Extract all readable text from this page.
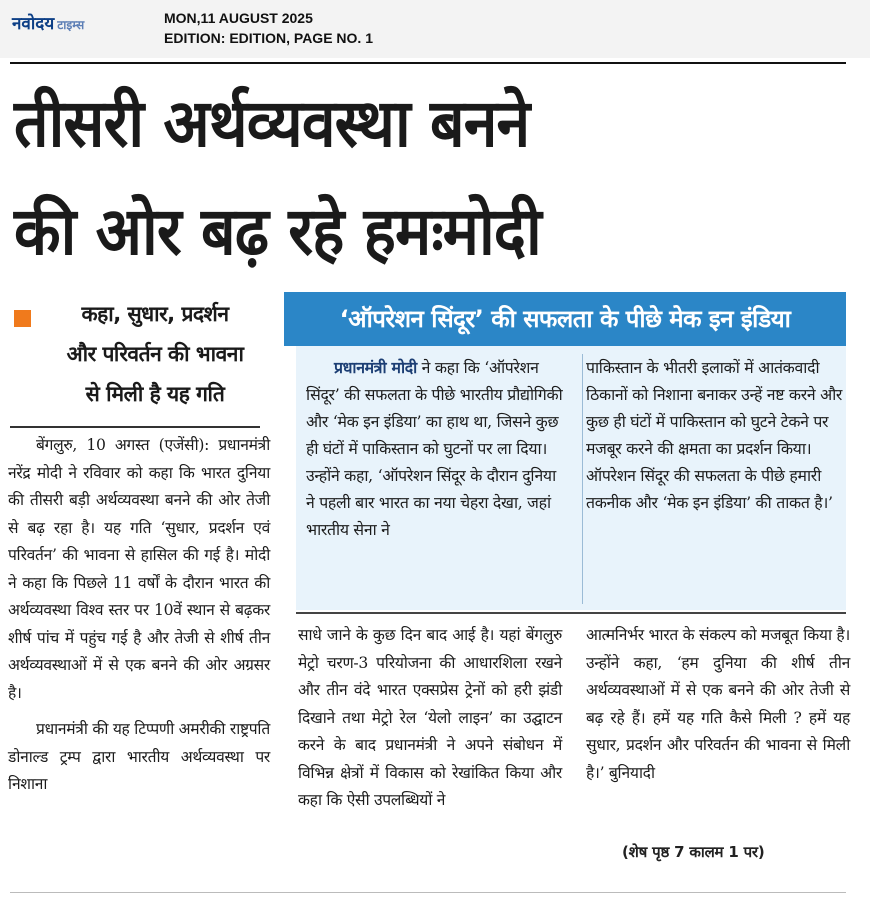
नवोदय टाइम्स	MON,11 AUGUST 2025
EDITION: EDITION, PAGE NO. 1
तीसरी अर्थव्यवस्था बनने
की ओर बढ़ रहे हमःमोदी
कहा, सुधार, प्रदर्शन
और परिवर्तन की भावना
से मिली है यह गति

बेंगलुरु, 10 अगस्त (एजेंसी): प्रधानमंत्री नरेंद्र मोदी ने रविवार को कहा कि भारत दुनिया की तीसरी बड़ी अर्थव्यवस्था बनने की ओर तेजी से बढ़ रहा है। यह गति ‘सुधार, प्रदर्शन एवं परिवर्तन’ की भावना से हासिल की गई है। मोदी ने कहा कि पिछले 11 वर्षों के दौरान भारत की अर्थव्यवस्था विश्व स्तर पर 10वें स्थान से बढ़कर शीर्ष पांच में पहुंच गई है और तेजी से शीर्ष तीन अर्थव्यवस्थाओं में से एक बनने की ओर अग्रसर है।

प्रधानमंत्री की यह टिप्पणी अमरीकी राष्ट्रपति डोनाल्ड ट्रम्प द्वारा भारतीय अर्थव्यवस्था पर निशाना

‘ऑपरेशन सिंदूर’ की सफलता के पीछे मेक इन इंडिया
प्रधानमंत्री मोदी ने कहा कि ‘ऑपरेशन सिंदूर’ की सफलता के पीछे भारतीय प्रौद्योगिकी और ‘मेक इन इंडिया’ का हाथ था, जिसने कुछ ही घंटों में पाकिस्तान को घुटनों पर ला दिया। उन्होंने कहा, ‘ऑपरेशन सिंदूर के दौरान दुनिया ने पहली बार भारत का नया चेहरा देखा, जहां भारतीय सेना ने
पाकिस्तान के भीतरी इलाकों में आतंकवादी ठिकानों को निशाना बनाकर उन्हें नष्ट करने और कुछ ही घंटों में पाकिस्तान को घुटने टेकने पर मजबूर करने की क्षमता का प्रदर्शन किया। ऑपरेशन सिंदूर की सफलता के पीछे हमारी तकनीक और ‘मेक इन इंडिया’ की ताकत है।’

साधे जाने के कुछ दिन बाद आई है। यहां बेंगलुरु मेट्रो चरण-3 परियोजना की आधारशिला रखने और तीन वंदे भारत एक्सप्रेस ट्रेनों को हरी झंडी दिखाने तथा मेट्रो रेल ‘येलो लाइन’ का उद्घाटन करने के बाद प्रधानमंत्री ने अपने संबोधन में विभिन्न क्षेत्रों में विकास को रेखांकित किया और कहा कि ऐसी उपलब्धियों ने

आत्मनिर्भर भारत के संकल्प को मजबूत किया है। उन्होंने कहा, ‘हम दुनिया की शीर्ष तीन अर्थव्यवस्थाओं में से एक बनने की ओर तेजी से बढ़ रहे हैं। हमें यह गति कैसे मिली ? हमें यह सुधार, प्रदर्शन और परिवर्तन की भावना से मिली है।’ बुनियादी

(शेष पृष्ठ 7 कालम 1 पर)
